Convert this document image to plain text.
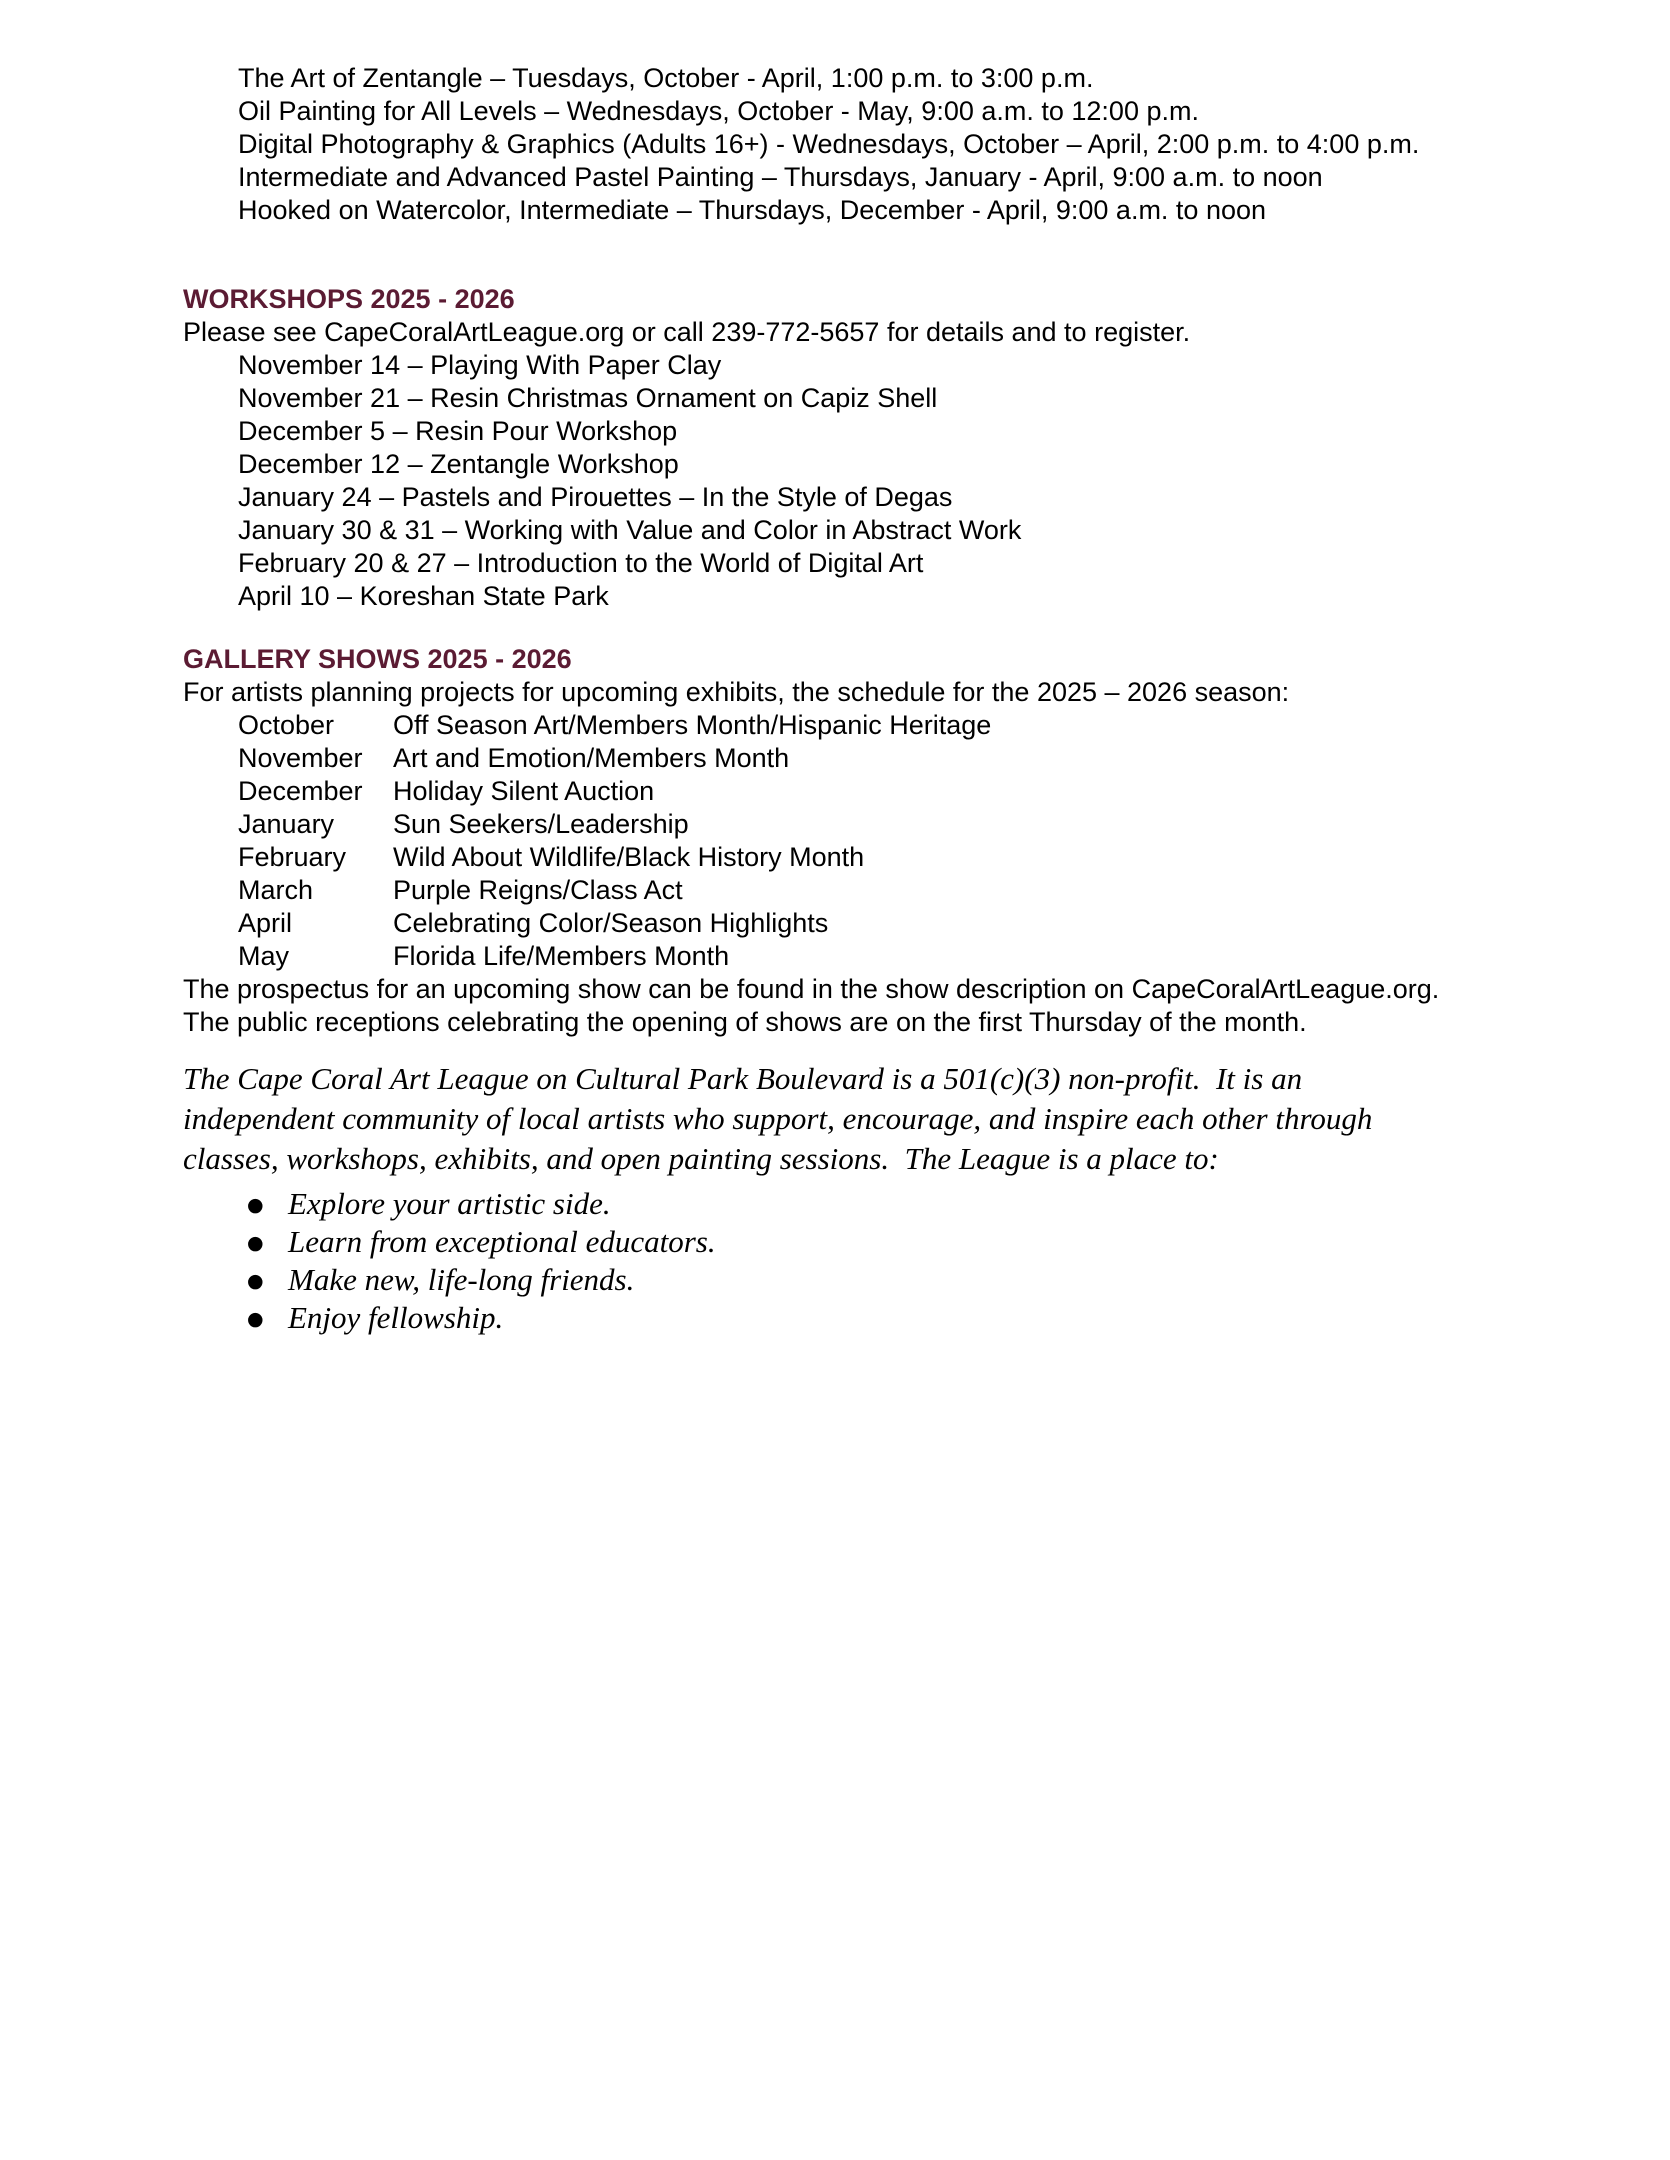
The Art of Zentangle – Tuesdays, October - April, 1:00 p.m. to 3:00 p.m.
Oil Painting for All Levels – Wednesdays, October - May, 9:00 a.m. to 12:00 p.m.
Digital Photography & Graphics (Adults 16+) - Wednesdays, October – April, 2:00 p.m. to 4:00 p.m.
Intermediate and Advanced Pastel Painting – Thursdays, January - April, 9:00 a.m. to noon
Hooked on Watercolor, Intermediate – Thursdays, December - April, 9:00 a.m. to noon
WORKSHOPS 2025 - 2026
Please see CapeCoralArtLeague.org or call 239-772-5657 for details and to register.
November 14 – Playing With Paper Clay
November 21 – Resin Christmas Ornament on Capiz Shell
December 5 – Resin Pour Workshop
December 12 – Zentangle Workshop
January 24 – Pastels and Pirouettes – In the Style of Degas
January 30 & 31 – Working with Value and Color in Abstract Work
February 20 & 27 – Introduction to the World of Digital Art
April 10 – Koreshan State Park
GALLERY SHOWS 2025 - 2026
For artists planning projects for upcoming exhibits, the schedule for the 2025 – 2026 season:
October	Off Season Art/Members Month/Hispanic Heritage
November	Art and Emotion/Members Month
December	Holiday Silent Auction
January	Sun Seekers/Leadership
February	Wild About Wildlife/Black History Month
March	Purple Reigns/Class Act
April	Celebrating Color/Season Highlights
May	Florida Life/Members Month
The prospectus for an upcoming show can be found in the show description on CapeCoralArtLeague.org.
The public receptions celebrating the opening of shows are on the first Thursday of the month.
The Cape Coral Art League on Cultural Park Boulevard is a 501(c)(3) non-profit.  It is an
independent community of local artists who support, encourage, and inspire each other through
classes, workshops, exhibits, and open painting sessions.  The League is a place to:
● Explore your artistic side.
● Learn from exceptional educators.
● Make new, life-long friends.
● Enjoy fellowship.
